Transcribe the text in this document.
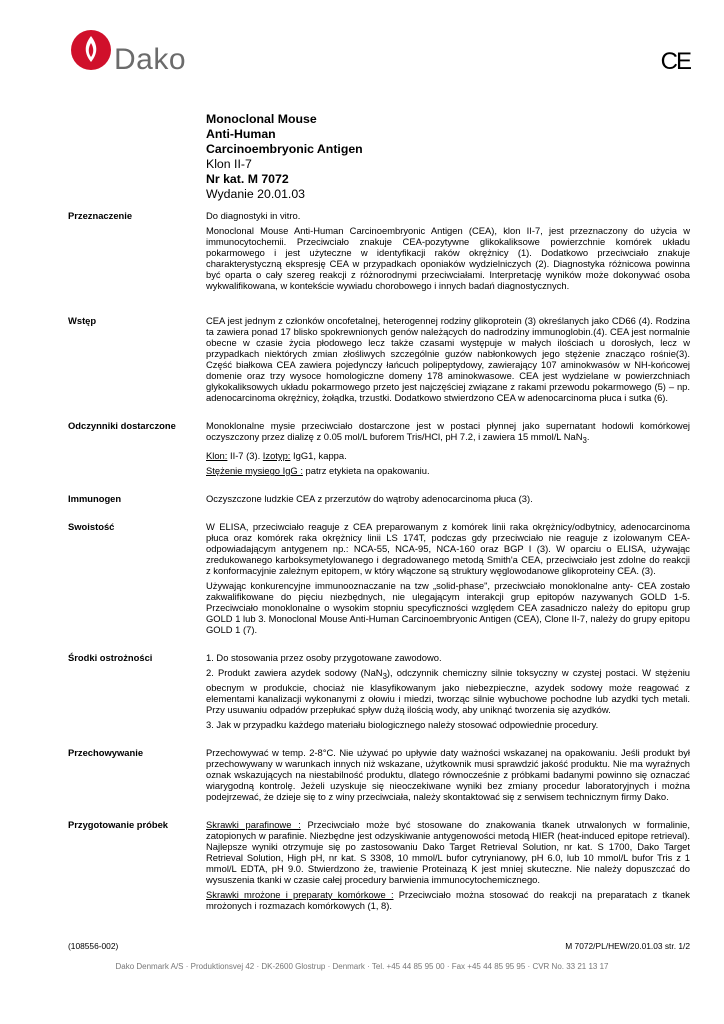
Dako	CE
Monoclonal Mouse
Anti-Human
Carcinoembryonic Antigen
Klon II-7
Nr kat. M 7072
Wydanie 20.01.03
Przeznaczenie	Do diagnostyki in vitro.

Monoclonal Mouse Anti-Human Carcinoembryonic Antigen (CEA), klon II-7, jest przeznaczony do użycia w immunocytochemii. Przeciwciało znakuje CEA-pozytywne glikokaliksowe powierzchnie komórek układu pokarmowego i jest użyteczne w identyfikacji raków okrężnicy (1). Dodatkowo przeciwciało znakuje charakterystyczną ekspresję CEA w przypadkach oponiaków wydzielniczych (2). Diagnostyka różnicowa powinna być oparta o cały szereg reakcji z różnorodnymi przeciwciałami. Interpretację wyników może dokonywać osoba wykwalifikowana, w kontekście wywiadu chorobowego i innych badań diagnostycznych.

Wstęp	CEA jest jednym z członków oncofetalnej, heterogennej rodziny glikoprotein (3) określanych jako CD66 (4). Rodzina ta zawiera ponad 17 blisko spokrewnionych genów należących do nadrodziny immunoglobin.(4). CEA jest normalnie obecne w czasie życia płodowego lecz także czasami występuje w małych ilościach u dorosłych, lecz w przypadkach niektórych zmian złośliwych szczególnie guzów nabłonkowych jego stężenie znacząco rośnie(3). Część białkowa CEA zawiera pojedynczy łańcuch polipeptydowy, zawierający 107 aminokwasów w NH-końcowej domenie oraz trzy wysoce homologiczne domeny 178 aminokwasowe. CEA jest wydzielane w powierzchniach glykokaliksowych układu pokarmowego przeto jest najczęściej związane z rakami przewodu pokarmowego (5) – np. adenocarcinoma okrężnicy, żołądka, trzustki. Dodatkowo stwierdzono CEA w adenocarcinoma płuca i sutka (6).

Odczynniki dostarczone	Monoklonalne mysie przeciwciało dostarczone jest w postaci płynnej jako supernatant hodowli komórkowej oczyszczony przez dializę z 0.05 mol/L buforem Tris/HCl, pH 7.2, i zawiera 15 mmol/L NaN$_3$.

Klon: II-7 (3). Izotyp: IgG1, kappa.

Stężenie mysiego IgG : patrz etykieta na opakowaniu.

Immunogen	Oczyszczone ludzkie CEA z przerzutów do wątroby adenocarcinoma płuca (3).

Swoistość	W ELISA, przeciwciało reaguje z CEA preparowanym z komórek linii raka okrężnicy/odbytnicy, adenocarcinoma płuca oraz komórek raka okrężnicy linii LS 174T, podczas gdy przeciwciało nie reaguje z izolowanym CEA-odpowiadającym antygenem np.: NCA-55, NCA-95, NCA-160 oraz BGP I (3). W oparciu o ELISA, używając zredukowanego karboksymetylowanego i degradowanego metodą Smith'a CEA, przeciwciało jest zdolne do reakcji z konformacyjnie zależnym epitopem, w który włączone są struktury węglowodanowe glikoproteiny CEA. (3).

Używając konkurencyjne immunooznaczanie na tzw „solid-phase", przeciwciało monoklonalne anty- CEA zostało zakwalifikowane do pięciu niezbędnych, nie ulegającym interakcji grup epitopów nazywanych GOLD 1-5. Przeciwciało monoklonalne o wysokim stopniu specyficzności względem CEA zasadniczo należy do epitopu grup GOLD 1 lub 3. Monoclonal Mouse Anti-Human Carcinoembryonic Antigen (CEA), Clone II-7, należy do grupy epitopu GOLD 1 (7).

Środki ostrożności	1. Do stosowania przez osoby przygotowane zawodowo.

2. Produkt zawiera azydek sodowy (NaN$_3$), odczynnik chemiczny silnie toksyczny w czystej postaci. W stężeniu obecnym w produkcie, chociaż nie klasyfikowanym jako niebezpieczne, azydek sodowy może reagować z elementami kanalizacji wykonanymi z ołowiu i miedzi, tworząc silnie wybuchowe pochodne lub azydki tych metali. Przy usuwaniu odpadów przepłukać spływ dużą ilością wody, aby uniknąć tworzenia się azydków.

3. Jak w przypadku każdego materiału biologicznego należy stosować odpowiednie procedury.

Przechowywanie	Przechowywać w temp. 2-8°C. Nie używać po upływie daty ważności wskazanej na opakowaniu. Jeśli produkt był przechowywany w warunkach innych niż wskazane, użytkownik musi sprawdzić jakość produktu. Nie ma wyraźnych oznak wskazujących na niestabilność produktu, dlatego równocześnie z próbkami badanymi powinno się oznaczać wiarygodną kontrolę. Jeżeli uzyskuje się nieoczekiwane wyniki bez zmiany procedur laboratoryjnych i można podejrzewać, że dzieje się to z winy przeciwciała, należy skontaktować się z serwisem technicznym firmy Dako.

Przygotowanie próbek	Skrawki parafinowe : Przeciwciało może być stosowane do znakowania tkanek utrwalonych w formalinie, zatopionych w parafinie. Niezbędne jest odzyskiwanie antygenowości metodą HIER (heat-induced epitope retrieval). Najlepsze wyniki otrzymuje się po zastosowaniu Dako Target Retrieval Solution, nr kat. S 1700, Dako Target Retrieval Solution, High pH, nr kat. S 3308, 10 mmol/L bufor cytrynianowy, pH 6.0, lub 10 mmol/L bufor Tris z 1 mmol/L EDTA, pH 9.0. Stwierdzono że, trawienie Proteinazą K jest mniej skuteczne. Nie należy dopuszczać do wysuszenia tkanki w czasie całej procedury barwienia immunocytochemicznego.

Skrawki mrożone i preparaty komórkowe : Przeciwciało można stosować do reakcji na preparatach z tkanek mrożonych i rozmazach komórkowych (1, 8).

(108556-002)	M 7072/PL/HEW/20.01.03 str. 1/2
Dako Denmark A/S · Produktionsvej 42 · DK-2600 Glostrup · Denmark · Tel. +45 44 85 95 00 · Fax +45 44 85 95 95 · CVR No. 33 21 13 17
